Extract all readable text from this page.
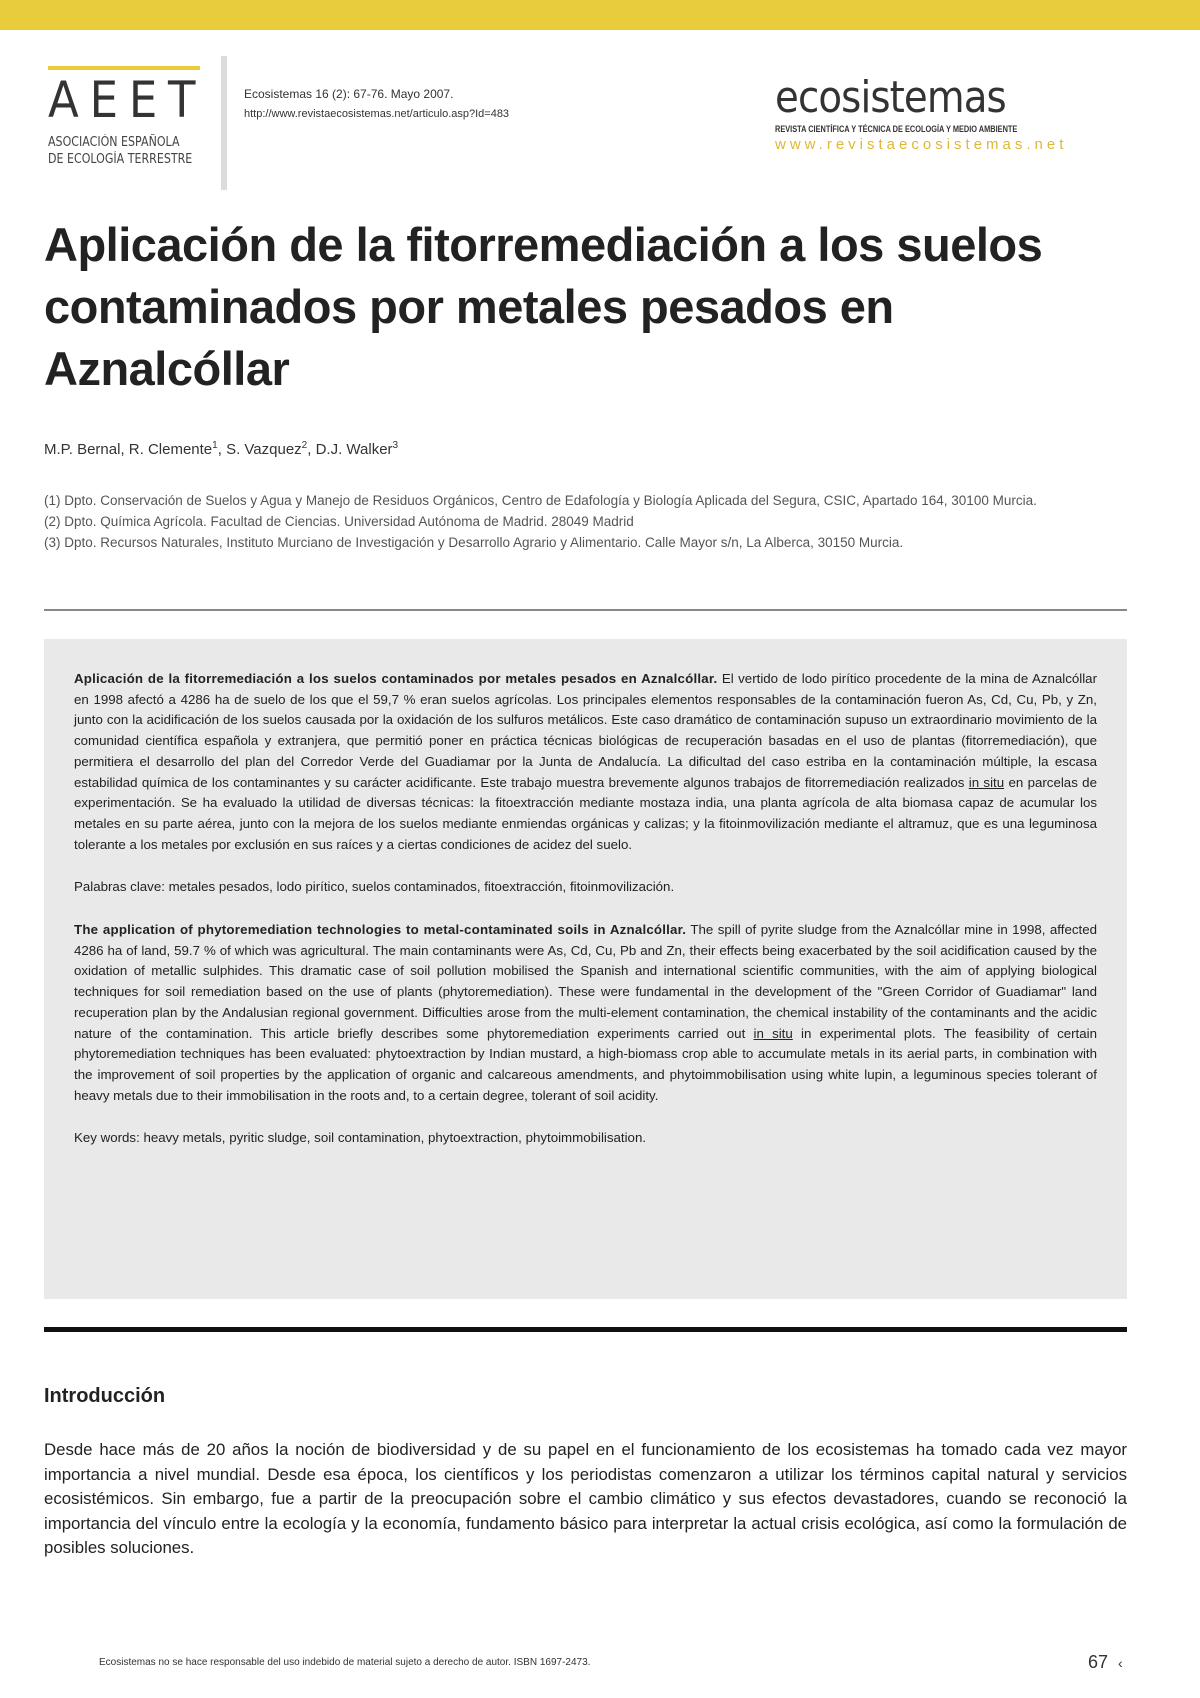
AEET
ASOCIACIÓN ESPAÑOLA
DE ECOLOGÍA TERRESTRE
Ecosistemas 16 (2): 67-76. Mayo 2007.
http://www.revistaecosistemas.net/articulo.asp?Id=483	ecosistemas
REVISTA CIENTÍFICA Y TÉCNICA DE ECOLOGÍA Y MEDIO AMBIENTE
www.revistaecosistemas.net
Aplicación de la fitorremediación a los suelos contaminados por metales pesados en Aznalcóllar
M.P. Bernal, R. Clemente$^1$, S. Vazquez$^2$, D.J. Walker$^3$

(1) Dpto. Conservación de Suelos y Agua y Manejo de Residuos Orgánicos, Centro de Edafología y Biología Aplicada del Segura, CSIC, Apartado 164, 30100 Murcia.

(2) Dpto. Química Agrícola. Facultad de Ciencias. Universidad Autónoma de Madrid. 28049 Madrid

(3) Dpto. Recursos Naturales, Instituto Murciano de Investigación y Desarrollo Agrario y Alimentario. Calle Mayor s/n, La Alberca, 30150 Murcia.

Aplicación de la fitorremediación a los suelos contaminados por metales pesados en Aznalcóllar. El vertido de lodo pirítico procedente de la mina de Aznalcóllar en 1998 afectó a 4286 ha de suelo de los que el 59,7 % eran suelos agrícolas. Los principales elementos responsables de la contaminación fueron As, Cd, Cu, Pb, y Zn, junto con la acidificación de los suelos causada por la oxidación de los sulfuros metálicos. Este caso dramático de contaminación supuso un extraordinario movimiento de la comunidad científica española y extranjera, que permitió poner en práctica técnicas biológicas de recuperación basadas en el uso de plantas (fitorremediación), que permitiera el desarrollo del plan del Corredor Verde del Guadiamar por la Junta de Andalucía. La dificultad del caso estriba en la contaminación múltiple, la escasa estabilidad química de los contaminantes y su carácter acidificante. Este trabajo muestra brevemente algunos trabajos de fitorremediación realizados in situ en parcelas de experimentación. Se ha evaluado la utilidad de diversas técnicas: la fitoextracción mediante mostaza india, una planta agrícola de alta biomasa capaz de acumular los metales en su parte aérea, junto con la mejora de los suelos mediante enmiendas orgánicas y calizas; y la fitoinmovilización mediante el altramuz, que es una leguminosa tolerante a los metales por exclusión en sus raíces y a ciertas condiciones de acidez del suelo.

Palabras clave: metales pesados, lodo pirítico, suelos contaminados, fitoextracción, fitoinmovilización.

The application of phytoremediation technologies to metal-contaminated soils in Aznalcóllar. The spill of pyrite sludge from the Aznalcóllar mine in 1998, affected 4286 ha of land, 59.7 % of which was agricultural. The main contaminants were As, Cd, Cu, Pb and Zn, their effects being exacerbated by the soil acidification caused by the oxidation of metallic sulphides. This dramatic case of soil pollution mobilised the Spanish and international scientific communities, with the aim of applying biological techniques for soil remediation based on the use of plants (phytoremediation). These were fundamental in the development of the "Green Corridor of Guadiamar" land recuperation plan by the Andalusian regional government. Difficulties arose from the multi-element contamination, the chemical instability of the contaminants and the acidic nature of the contamination. This article briefly describes some phytoremediation experiments carried out in situ in experimental plots. The feasibility of certain phytoremediation techniques has been evaluated: phytoextraction by Indian mustard, a high-biomass crop able to accumulate metals in its aerial parts, in combination with the improvement of soil properties by the application of organic and calcareous amendments, and phytoimmobilisation using white lupin, a leguminous species tolerant of heavy metals due to their immobilisation in the roots and, to a certain degree, tolerant of soil acidity.

Key words: heavy metals, pyritic sludge, soil contamination, phytoextraction, phytoimmobilisation.

Introducción

Desde hace más de 20 años la noción de biodiversidad y de su papel en el funcionamiento de los ecosistemas ha tomado cada vez mayor importancia a nivel mundial. Desde esa época, los científicos y los periodistas comenzaron a utilizar los términos capital natural y servicios ecosistémicos. Sin embargo, fue a partir de la preocupación sobre el cambio climático y sus efectos devastadores, cuando se reconoció la importancia del vínculo entre la ecología y la economía, fundamento básico para interpretar la actual crisis ecológica, así como la formulación de posibles soluciones.

Ecosistemas no se hace responsable del uso indebido de material sujeto a derecho de autor. ISBN 1697-2473.	67 ‹
